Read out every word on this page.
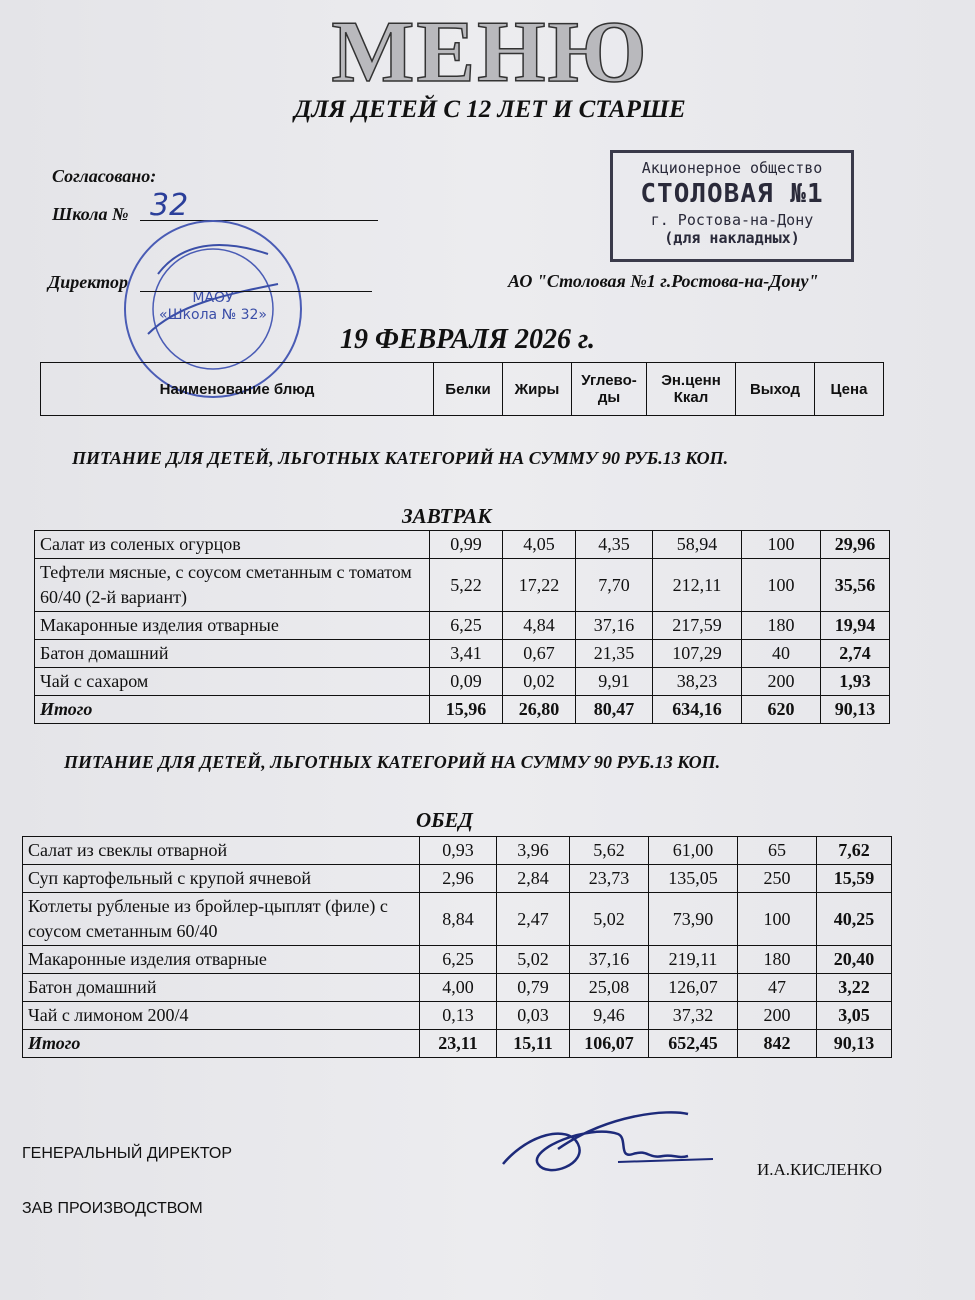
МЕНЮ
ДЛЯ ДЕТЕЙ С 12 ЛЕТ И СТАРШЕ
Согласовано:
Школа № 32
МАОУ
«Школа № 32»
Директор
Акционерное общество
СТОЛОВАЯ №1
г. Ростова-на-Дону
(для накладных)
АО "Столовая №1 г.Ростова-на-Дону"
19 ФЕВРАЛЯ 2026 г.
Наименование блюд	Белки	Жиры	Углево-ды	Эн.ценн Ккал	Выход	Цена
ПИТАНИЕ ДЛЯ ДЕТЕЙ, ЛЬГОТНЫХ КАТЕГОРИЙ НА СУММУ 90 РУБ.13 КОП.
ЗАВТРАК
Салат из соленых огурцов	0,99	4,05	4,35	58,94	100	29,96
Тефтели мясные, с соусом сметанным с томатом 60/40 (2-й вариант)	5,22	17,22	7,70	212,11	100	35,56
Макаронные изделия отварные	6,25	4,84	37,16	217,59	180	19,94
Батон домашний	3,41	0,67	21,35	107,29	40	2,74
Чай с сахаром	0,09	0,02	9,91	38,23	200	1,93
Итого	15,96	26,80	80,47	634,16	620	90,13
ПИТАНИЕ ДЛЯ ДЕТЕЙ, ЛЬГОТНЫХ КАТЕГОРИЙ НА СУММУ 90 РУБ.13 КОП.
ОБЕД
Салат из свеклы отварной	0,93	3,96	5,62	61,00	65	7,62
Суп картофельный с крупой ячневой	2,96	2,84	23,73	135,05	250	15,59
Котлеты рубленые из бройлер-цыплят (филе) с соусом сметанным 60/40	8,84	2,47	5,02	73,90	100	40,25
Макаронные изделия отварные	6,25	5,02	37,16	219,11	180	20,40
Батон домашний	4,00	0,79	25,08	126,07	47	3,22
Чай с лимоном 200/4	0,13	0,03	9,46	37,32	200	3,05
Итого	23,11	15,11	106,07	652,45	842	90,13
ГЕНЕРАЛЬНЫЙ ДИРЕКТОР
И.А.КИСЛЕНКО
ЗАВ ПРОИЗВОДСТВОМ
